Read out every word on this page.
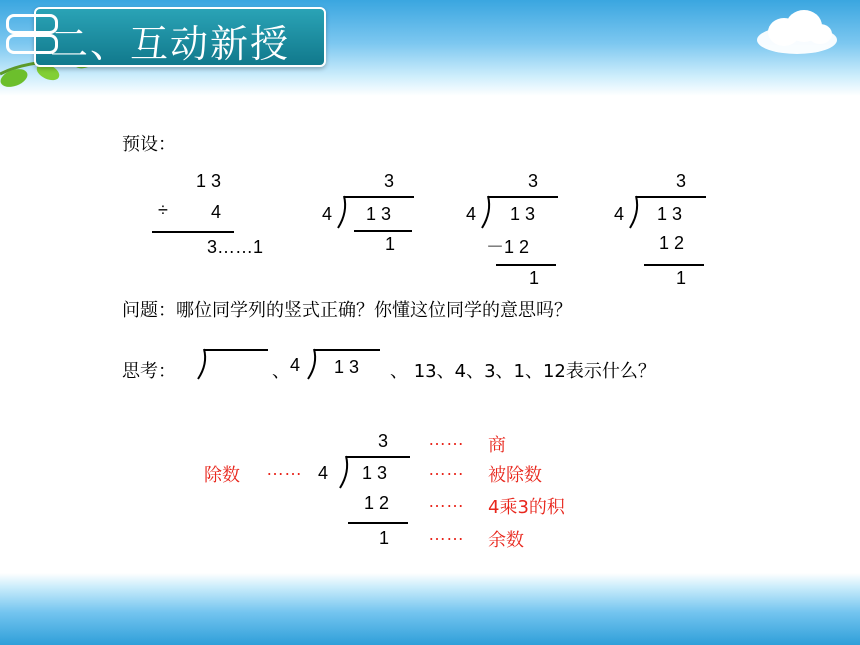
二、互动新授
预设：
1 3
÷ 4
3……1
3
4 1 3
1
3
4 1 3
－1 2
1
3
4 1 3
1 2
1
问题：哪位同学列的竖式正确？你懂这位同学的意思吗？
思考：	、 4 1 3 、 13、4、3、1、12表示什么？
3
4 1 3
1 2
1
除数 ……
…… 商
…… 被除数
…… 4乘3的积
…… 余数
